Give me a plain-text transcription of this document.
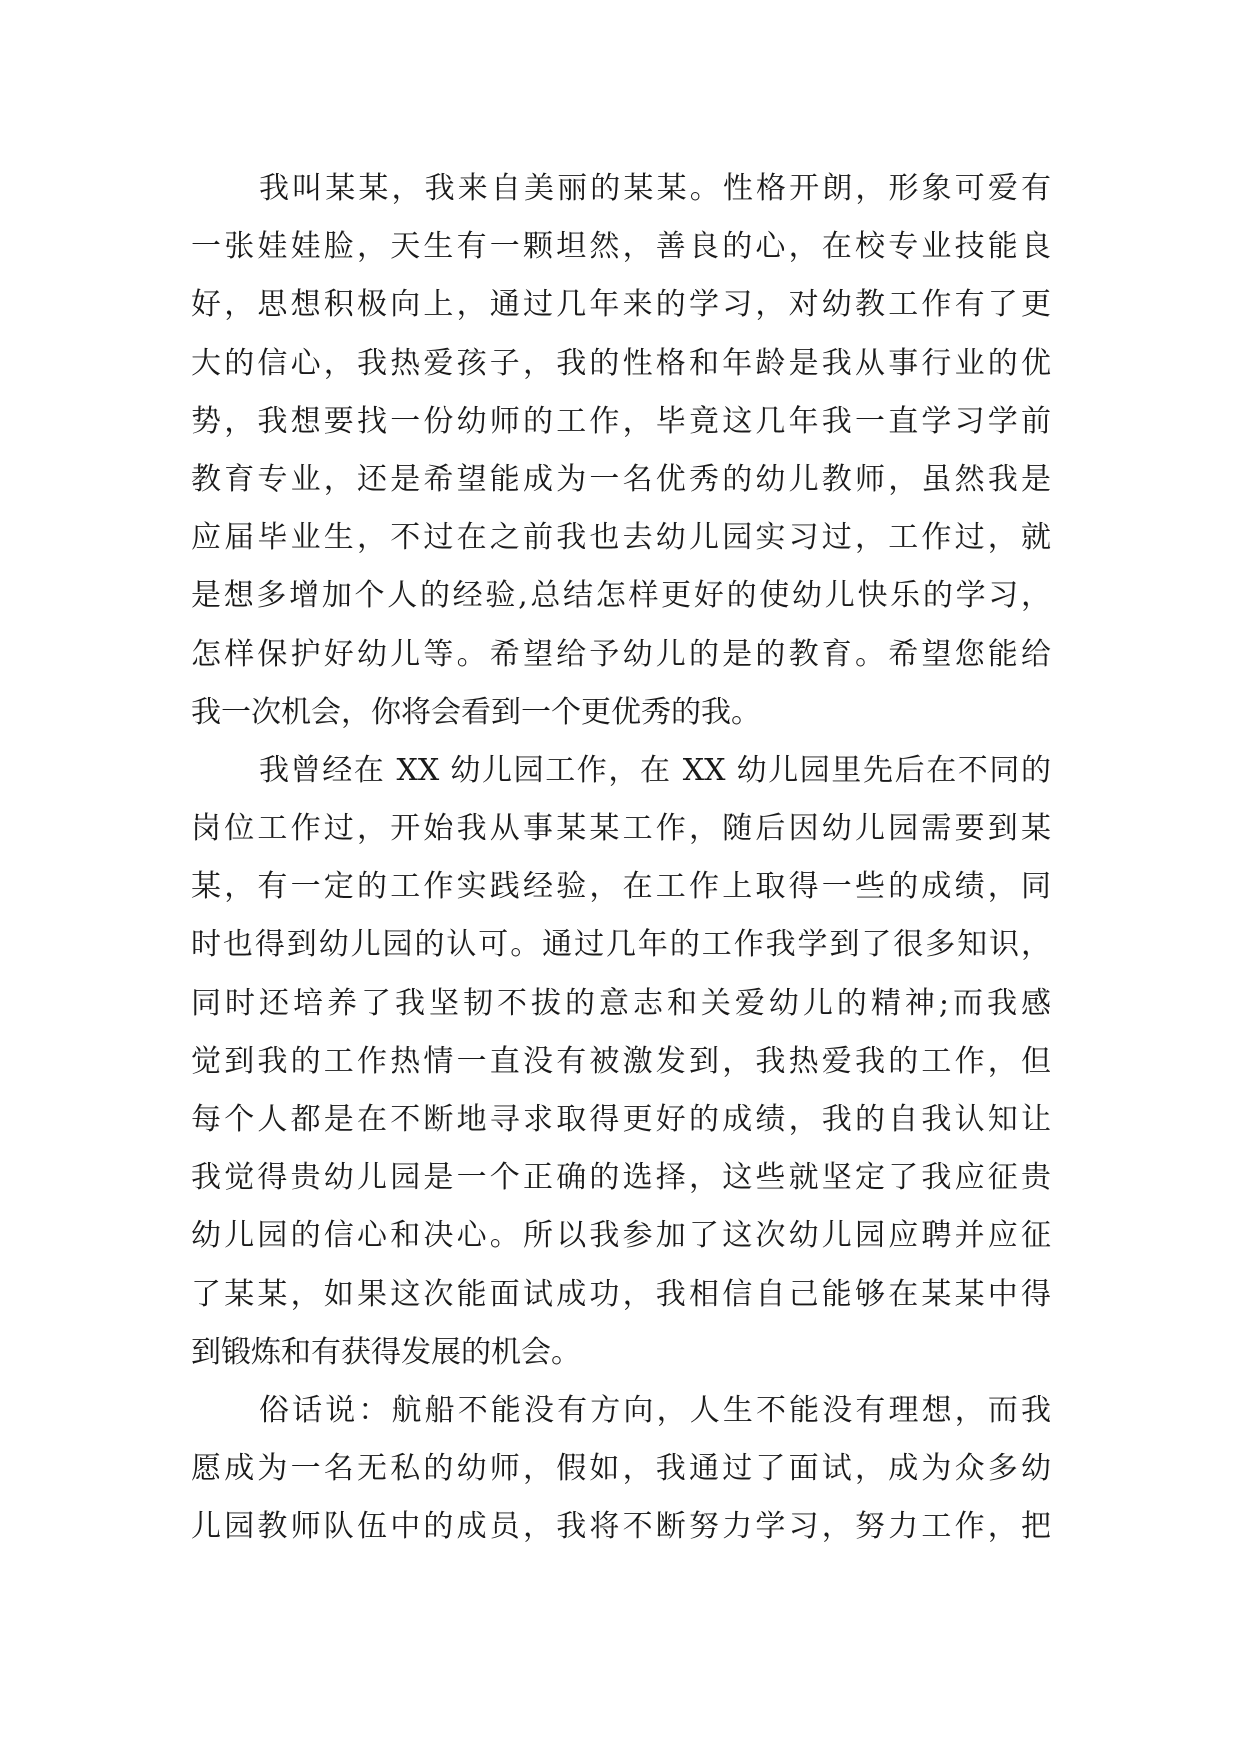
我叫某某，我来自美丽的某某。性格开朗，形象可爱有
一张娃娃脸，天生有一颗坦然，善良的心，在校专业技能良
好，思想积极向上，通过几年来的学习，对幼教工作有了更
大的信心，我热爱孩子，我的性格和年龄是我从事行业的优
势，我想要找一份幼师的工作，毕竟这几年我一直学习学前
教育专业，还是希望能成为一名优秀的幼儿教师，虽然我是
应届毕业生，不过在之前我也去幼儿园实习过，工作过，就
是想多增加个人的经验,总结怎样更好的使幼儿快乐的学习，
怎样保护好幼儿等。希望给予幼儿的是的教育。希望您能给
我一次机会，你将会看到一个更优秀的我。
我曾经在 XX 幼儿园工作，在 XX 幼儿园里先后在不同的
岗位工作过，开始我从事某某工作，随后因幼儿园需要到某
某，有一定的工作实践经验，在工作上取得一些的成绩，同
时也得到幼儿园的认可。通过几年的工作我学到了很多知识，
同时还培养了我坚韧不拔的意志和关爱幼儿的精神;而我感
觉到我的工作热情一直没有被激发到，我热爱我的工作，但
每个人都是在不断地寻求取得更好的成绩，我的自我认知让
我觉得贵幼儿园是一个正确的选择，这些就坚定了我应征贵
幼儿园的信心和决心。所以我参加了这次幼儿园应聘并应征
了某某，如果这次能面试成功，我相信自己能够在某某中得
到锻炼和有获得发展的机会。
俗话说：航船不能没有方向，人生不能没有理想，而我
愿成为一名无私的幼师，假如，我通过了面试，成为众多幼
儿园教师队伍中的成员，我将不断努力学习，努力工作，把
